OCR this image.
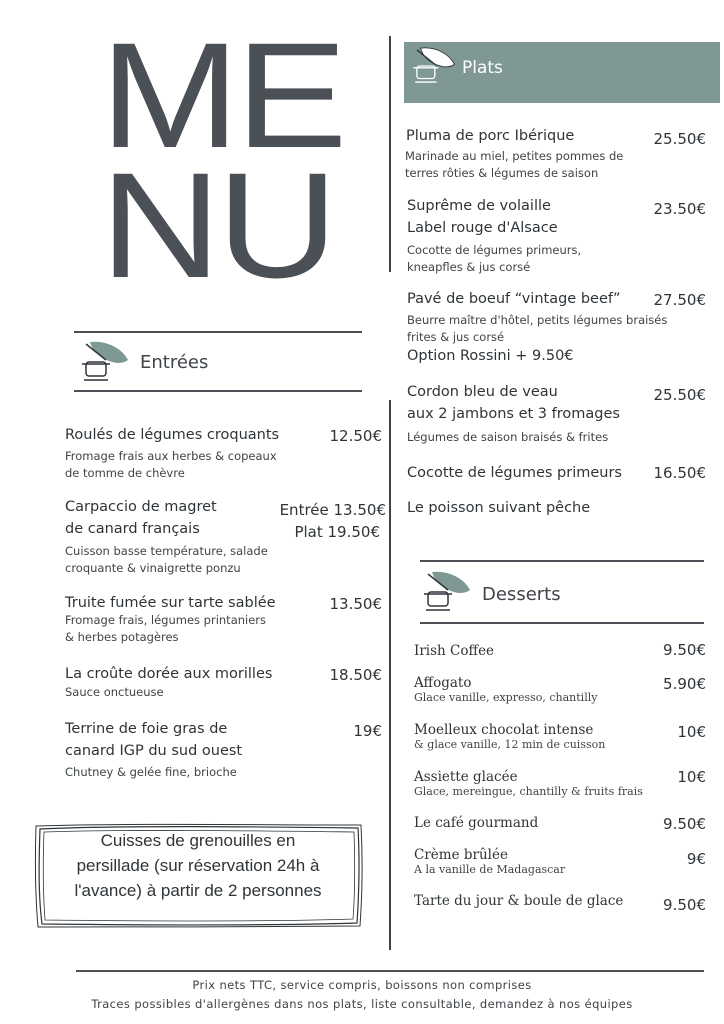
ME
NU
Entrées
Roulés de légumes croquants	12.50€
Fromage frais aux herbes & copeaux
de tomme de chèvre
Carpaccio de magret
de canard français
Entrée 13.50€
Plat 19.50€
Cuisson basse température, salade
croquante & vinaigrette ponzu
Truite fumée sur tarte sablée	13.50€
Fromage frais, légumes printaniers
& herbes potagères
La croûte dorée aux morilles	18.50€
Sauce onctueuse
Terrine de foie gras de
canard IGP du sud ouest
19€
Chutney & gelée fine, brioche
Cuisses de grenouilles en
persillade (sur réservation 24h à
l'avance) à partir de 2 personnes
Plats
Pluma de porc Ibérique	25.50€
Marinade au miel, petites pommes de
terres rôties & légumes de saison
Suprême de volaille
Label rouge d'Alsace
23.50€
Cocotte de légumes primeurs,
kneapfles & jus corsé
Pavé de boeuf “vintage beef”	27.50€
Beurre maître d'hôtel, petits légumes braisés
frites & jus corsé
Option Rossini + 9.50€
Cordon bleu de veau
aux 2 jambons et 3 fromages
25.50€
Légumes de saison braisés & frites
Cocotte de légumes primeurs	16.50€
Le poisson suivant pêche
Desserts
Irish Coffee	9.50€
Affogato	5.90€
Glace vanille, expresso, chantilly
Moelleux chocolat intense	10€
& glace vanille, 12 min de cuisson
Assiette glacée	10€
Glace, mereingue, chantilly & fruits frais
Le café gourmand	9.50€
Crème brûlée	9€
A la vanille de Madagascar
Tarte du jour & boule de glace	9.50€
Prix nets TTC, service compris, boissons non comprises
Traces possibles d'allergènes dans nos plats, liste consultable, demandez à nos équipes
